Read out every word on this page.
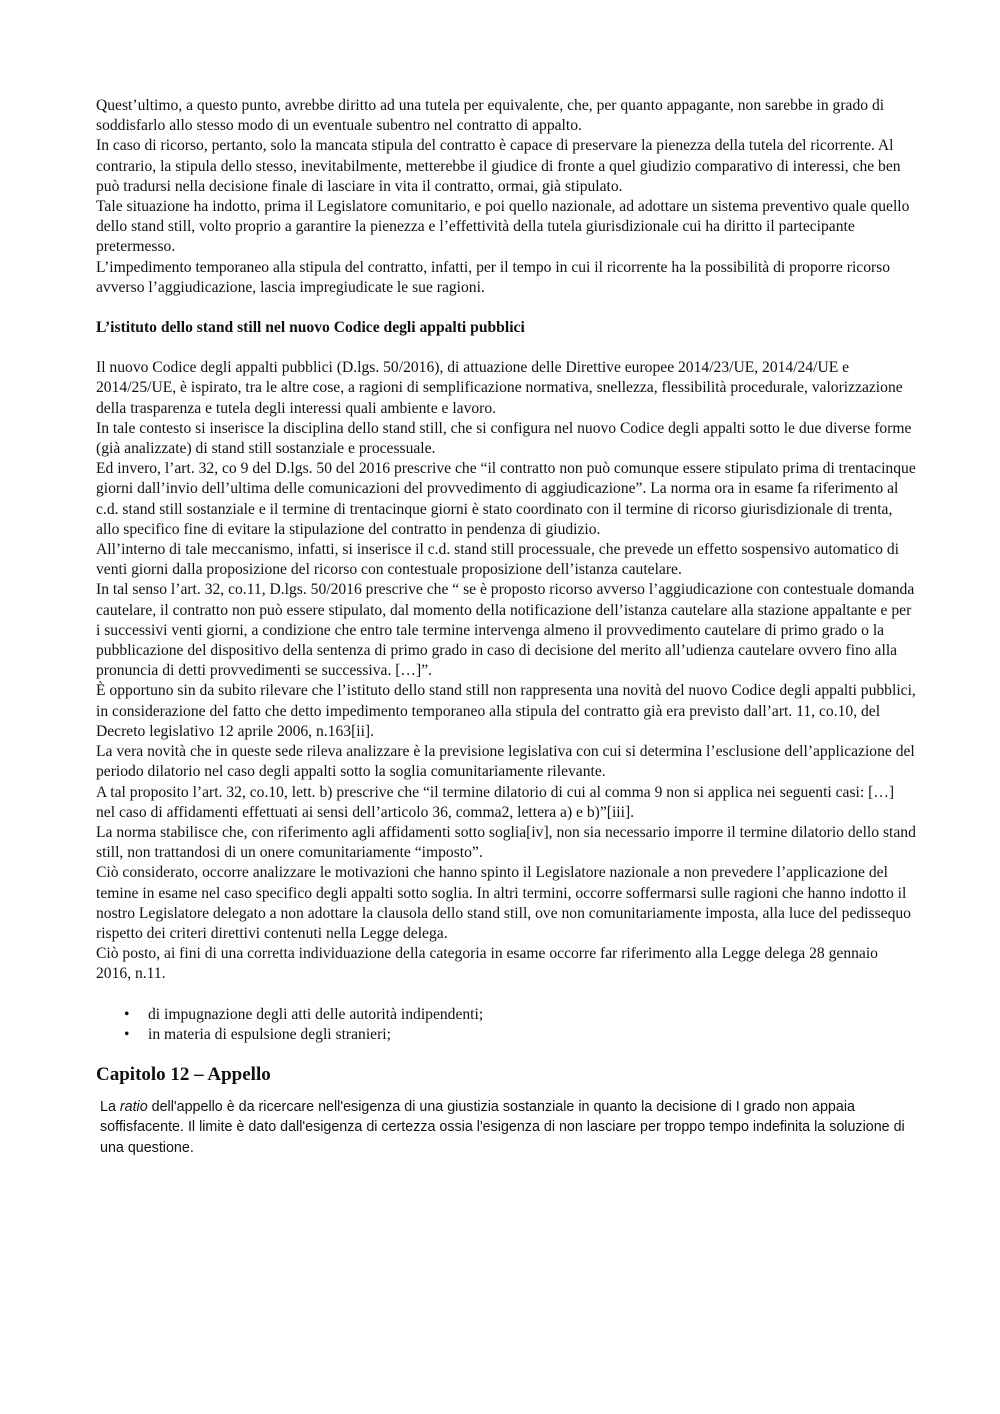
Quest’ultimo, a questo punto, avrebbe diritto ad una tutela per equivalente, che, per quanto appagante, non sarebbe in grado di soddisfarlo allo stesso modo di un eventuale subentro nel contratto di appalto.

In caso di ricorso, pertanto, solo la mancata stipula del contratto è capace di preservare la pienezza della tutela del ricorrente. Al contrario, la stipula dello stesso, inevitabilmente, metterebbe il giudice di fronte a quel giudizio comparativo di interessi, che ben può tradursi nella decisione finale di lasciare in vita il contratto, ormai, già stipulato.

Tale situazione ha indotto, prima il Legislatore comunitario, e poi quello nazionale, ad adottare un sistema preventivo quale quello dello stand still, volto proprio a garantire la pienezza e l’effettività della tutela giurisdizionale cui ha diritto il partecipante pretermesso.

L’impedimento temporaneo alla stipula del contratto, infatti, per il tempo in cui il ricorrente ha la possibilità di proporre ricorso avverso l’aggiudicazione, lascia impregiudicate le sue ragioni.

L’istituto dello stand still nel nuovo Codice degli appalti pubblici

Il nuovo Codice degli appalti pubblici (D.lgs. 50/2016), di attuazione delle Direttive europee 2014/23/UE, 2014/24/UE e 2014/25/UE, è ispirato, tra le altre cose, a ragioni di semplificazione normativa, snellezza, flessibilità procedurale, valorizzazione della trasparenza e tutela degli interessi quali ambiente e lavoro.

In tale contesto si inserisce la disciplina dello stand still, che si configura nel nuovo Codice degli appalti sotto le due diverse forme (già analizzate) di stand still sostanziale e processuale.

Ed invero, l’art. 32, co 9 del D.lgs. 50 del 2016 prescrive che “il contratto non può comunque essere stipulato prima di trentacinque giorni dall’invio dell’ultima delle comunicazioni del provvedimento di aggiudicazione”. La norma ora in esame fa riferimento al c.d. stand still sostanziale e il termine di trentacinque giorni è stato coordinato con il termine di ricorso giurisdizionale di trenta, allo specifico fine di evitare la stipulazione del contratto in pendenza di giudizio.

All’interno di tale meccanismo, infatti, si inserisce il c.d. stand still processuale, che prevede un effetto sospensivo automatico di venti giorni dalla proposizione del ricorso con contestuale proposizione dell’istanza cautelare.

In tal senso l’art. 32, co.11, D.lgs. 50/2016 prescrive che “ se è proposto ricorso avverso l’aggiudicazione con contestuale domanda cautelare, il contratto non può essere stipulato, dal momento della notificazione dell’istanza cautelare alla stazione appaltante e per i successivi venti giorni, a condizione che entro tale termine intervenga almeno il provvedimento cautelare di primo grado o la pubblicazione del dispositivo della sentenza di primo grado in caso di decisione del merito all’udienza cautelare ovvero fino alla pronuncia di detti provvedimenti se successiva. […]”.

È opportuno sin da subito rilevare che l’istituto dello stand still non rappresenta una novità del nuovo Codice degli appalti pubblici, in considerazione del fatto che detto impedimento temporaneo alla stipula del contratto già era previsto dall’art. 11, co.10, del Decreto legislativo 12 aprile 2006, n.163[ii].

La vera novità che in queste sede rileva analizzare è la previsione legislativa con cui si determina l’esclusione dell’applicazione del periodo dilatorio nel caso degli appalti sotto la soglia comunitariamente rilevante.

A tal proposito l’art. 32, co.10, lett. b) prescrive che “il termine dilatorio di cui al comma 9 non si applica nei seguenti casi: […] nel caso di affidamenti effettuati ai sensi dell’articolo 36, comma2, lettera a) e b)”[iii].

La norma stabilisce che, con riferimento agli affidamenti sotto soglia[iv], non sia necessario imporre il termine dilatorio dello stand still, non trattandosi di un onere comunitariamente “imposto”.

Ciò considerato, occorre analizzare le motivazioni che hanno spinto il Legislatore nazionale a non prevedere l’applicazione del temine in esame nel caso specifico degli appalti sotto soglia. In altri termini, occorre soffermarsi sulle ragioni che hanno indotto il nostro Legislatore delegato a non adottare la clausola dello stand still, ove non comunitariamente imposta, alla luce del pedissequo rispetto dei criteri direttivi contenuti nella Legge delega.

Ciò posto, ai fini di una corretta individuazione della categoria in esame occorre far riferimento alla Legge delega 28 gennaio 2016, n.11.

• di impugnazione degli atti delle autorità indipendenti;
• in materia di espulsione degli stranieri;
Capitolo 12 – Appello

La ratio dell'appello è da ricercare nell'esigenza di una giustizia sostanziale in quanto la decisione di I grado non appaia soffisfacente. Il limite è dato dall'esigenza di certezza ossia l'esigenza di non lasciare per troppo tempo indefinita la soluzione di una questione.
